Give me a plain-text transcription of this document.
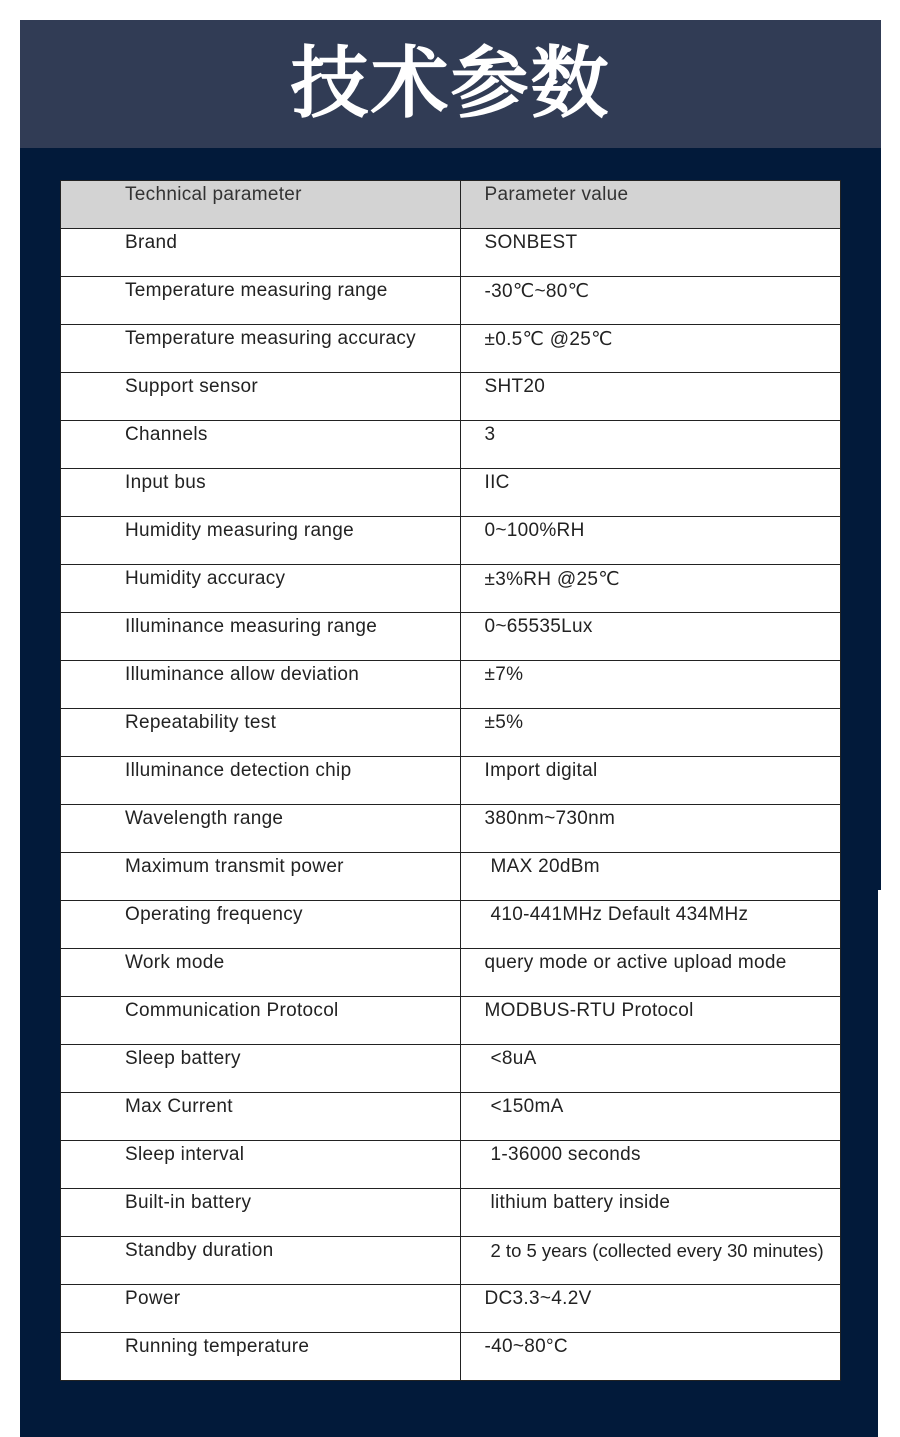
技术参数
Technical parameter	Parameter value

Brand	SONBEST

Temperature measuring range	-30℃~80℃

Temperature measuring accuracy	±0.5℃ @25℃

Support sensor	SHT20

Channels	3

Input bus	IIC

Humidity measuring range	0~100%RH

Humidity accuracy	±3%RH @25℃

Illuminance measuring range	0~65535Lux

Illuminance allow deviation	±7%

Repeatability test	±5%

Illuminance detection chip	Import digital

Wavelength range	380nm~730nm

Maximum transmit power	MAX 20dBm

Operating frequency	410-441MHz Default 434MHz

Work mode	query mode or active upload mode

Communication Protocol	MODBUS-RTU Protocol

Sleep battery	<8uA

Max Current	<150mA

Sleep interval	1-36000 seconds

Built-in battery	lithium battery inside

Standby duration	2 to 5 years (collected every 30 minutes)

Power	DC3.3~4.2V

Running temperature	-40~80°C
